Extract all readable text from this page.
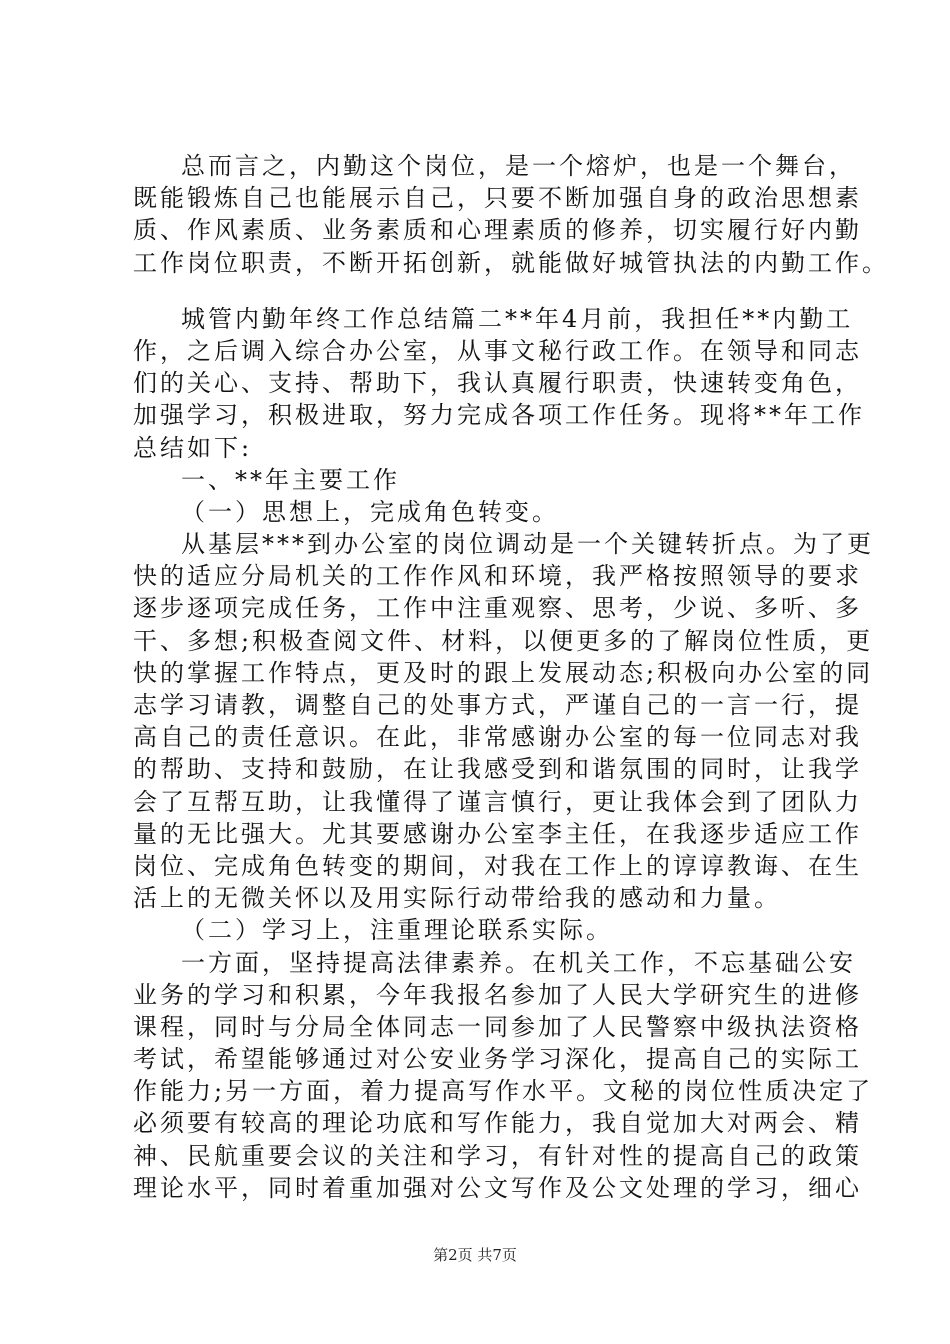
总而言之，内勤这个岗位，是一个熔炉，也是一个舞台，
既能锻炼自己也能展示自己，只要不断加强自身的政治思想素
质、作风素质、业务素质和心理素质的修养，切实履行好内勤
工作岗位职责，不断开拓创新，就能做好城管执法的内勤工作。
城管内勤年终工作总结篇二**年4月前，我担任**内勤工
作，之后调入综合办公室，从事文秘行政工作。在领导和同志
们的关心、支持、帮助下，我认真履行职责，快速转变角色，
加强学习，积极进取，努力完成各项工作任务。现将**年工作
总结如下:
一、**年主要工作
（一）思想上，完成角色转变。
从基层***到办公室的岗位调动是一个关键转折点。为了更
快的适应分局机关的工作作风和环境，我严格按照领导的要求
逐步逐项完成任务，工作中注重观察、思考，少说、多听、多
干、多想;积极查阅文件、材料，以便更多的了解岗位性质，更
快的掌握工作特点，更及时的跟上发展动态;积极向办公室的同
志学习请教，调整自己的处事方式，严谨自己的一言一行，提
高自己的责任意识。在此，非常感谢办公室的每一位同志对我
的帮助、支持和鼓励，在让我感受到和谐氛围的同时，让我学
会了互帮互助，让我懂得了谨言慎行，更让我体会到了团队力
量的无比强大。尤其要感谢办公室李主任，在我逐步适应工作
岗位、完成角色转变的期间，对我在工作上的谆谆教诲、在生
活上的无微关怀以及用实际行动带给我的感动和力量。
（二）学习上，注重理论联系实际。
一方面，坚持提高法律素养。在机关工作，不忘基础公安
业务的学习和积累，今年我报名参加了人民大学研究生的进修
课程，同时与分局全体同志一同参加了人民警察中级执法资格
考试，希望能够通过对公安业务学习深化，提高自己的实际工
作能力;另一方面，着力提高写作水平。文秘的岗位性质决定了
必须要有较高的理论功底和写作能力，我自觉加大对两会、精
神、民航重要会议的关注和学习，有针对性的提高自己的政策
理论水平，同时着重加强对公文写作及公文处理的学习，细心
第2页 共7页
